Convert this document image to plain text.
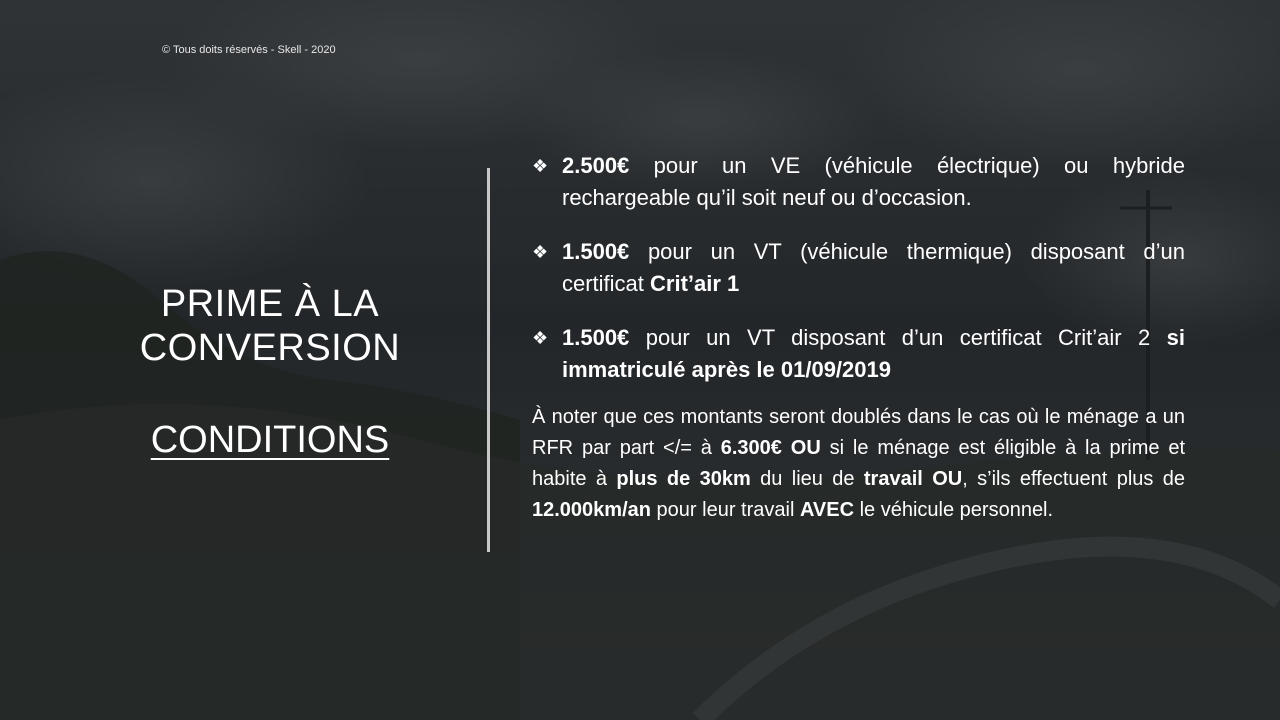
© Tous doits réservés - Skell - 2020
PRIME À LA CONVERSION
CONDITIONS
❖ 2.500€ pour un VE (véhicule électrique) ou hybride rechargeable qu’il soit neuf ou d’occasion.
❖ 1.500€ pour un VT (véhicule thermique) disposant d’un certificat Crit’air 1
❖ 1.500€ pour un VT disposant d’un certificat Crit’air 2 si immatriculé après le 01/09/2019
À noter que ces montants seront doublés dans le cas où le ménage a un RFR par part </= à 6.300€ OU si le ménage est éligible à la prime et habite à plus de 30km du lieu de travail OU, s’ils effectuent plus de 12.000km/an pour leur travail AVEC le véhicule personnel.
